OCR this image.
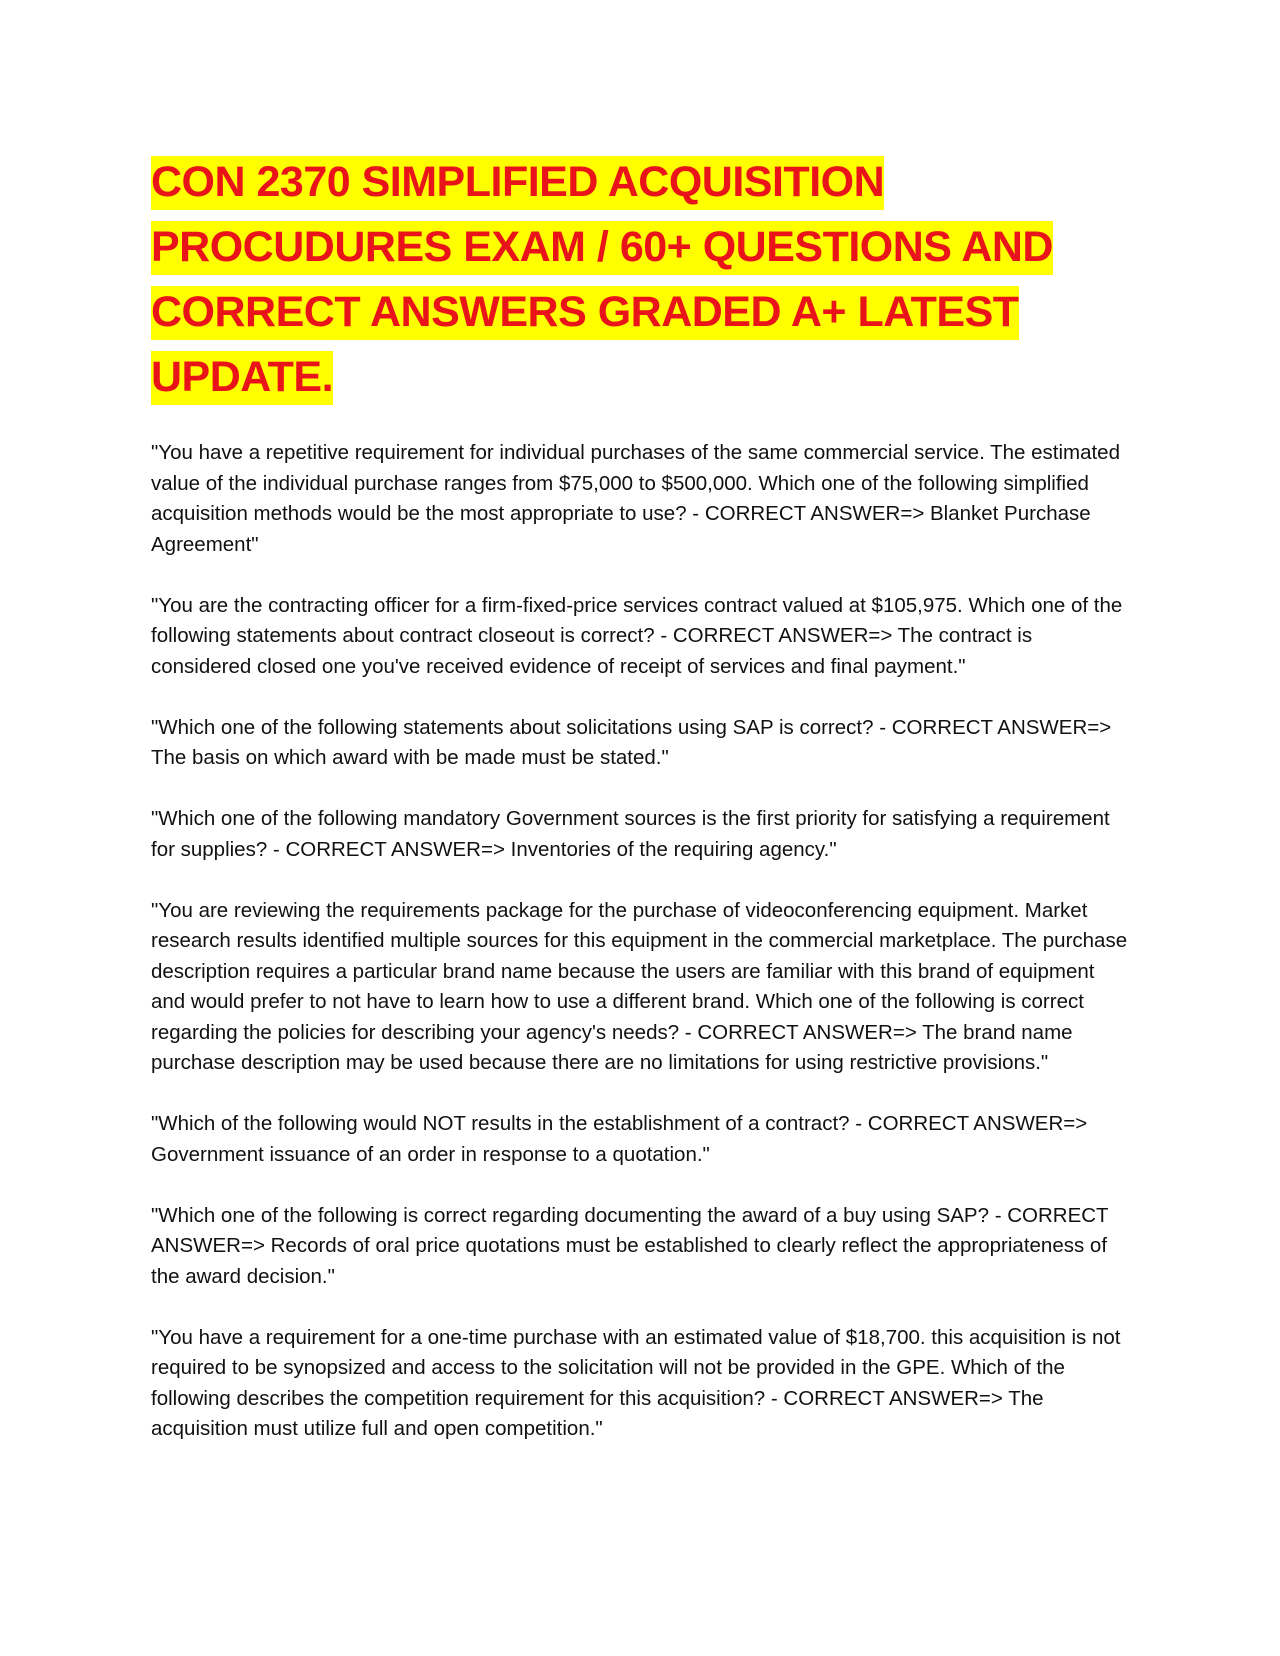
CON 2370 SIMPLIFIED ACQUISITION PROCUDURES EXAM / 60+ QUESTIONS AND CORRECT ANSWERS GRADED A+ LATEST UPDATE.

"You have a repetitive requirement for individual purchases of the same commercial service. The estimated value of the individual purchase ranges from $75,000 to $500,000. Which one of the following simplified acquisition methods would be the most appropriate to use? - CORRECT ANSWER=> Blanket Purchase Agreement"

"You are the contracting officer for a firm-fixed-price services contract valued at $105,975. Which one of the following statements about contract closeout is correct? - CORRECT ANSWER=> The contract is considered closed one you've received evidence of receipt of services and final payment."

"Which one of the following statements about solicitations using SAP is correct? - CORRECT ANSWER=> The basis on which award with be made must be stated."

"Which one of the following mandatory Government sources is the first priority for satisfying a requirement for supplies? - CORRECT ANSWER=> Inventories of the requiring agency."

"You are reviewing the requirements package for the purchase of videoconferencing equipment. Market research results identified multiple sources for this equipment in the commercial marketplace. The purchase description requires a particular brand name because the users are familiar with this brand of equipment and would prefer to not have to learn how to use a different brand. Which one of the following is correct regarding the policies for describing your agency's needs? - CORRECT ANSWER=> The brand name purchase description may be used because there are no limitations for using restrictive provisions."

"Which of the following would NOT results in the establishment of a contract? - CORRECT ANSWER=> Government issuance of an order in response to a quotation."

"Which one of the following is correct regarding documenting the award of a buy using SAP? - CORRECT ANSWER=> Records of oral price quotations must be established to clearly reflect the appropriateness of the award decision."

"You have a requirement for a one-time purchase with an estimated value of $18,700. this acquisition is not required to be synopsized and access to the solicitation will not be provided in the GPE. Which of the following describes the competition requirement for this acquisition? - CORRECT ANSWER=> The acquisition must utilize full and open competition."
